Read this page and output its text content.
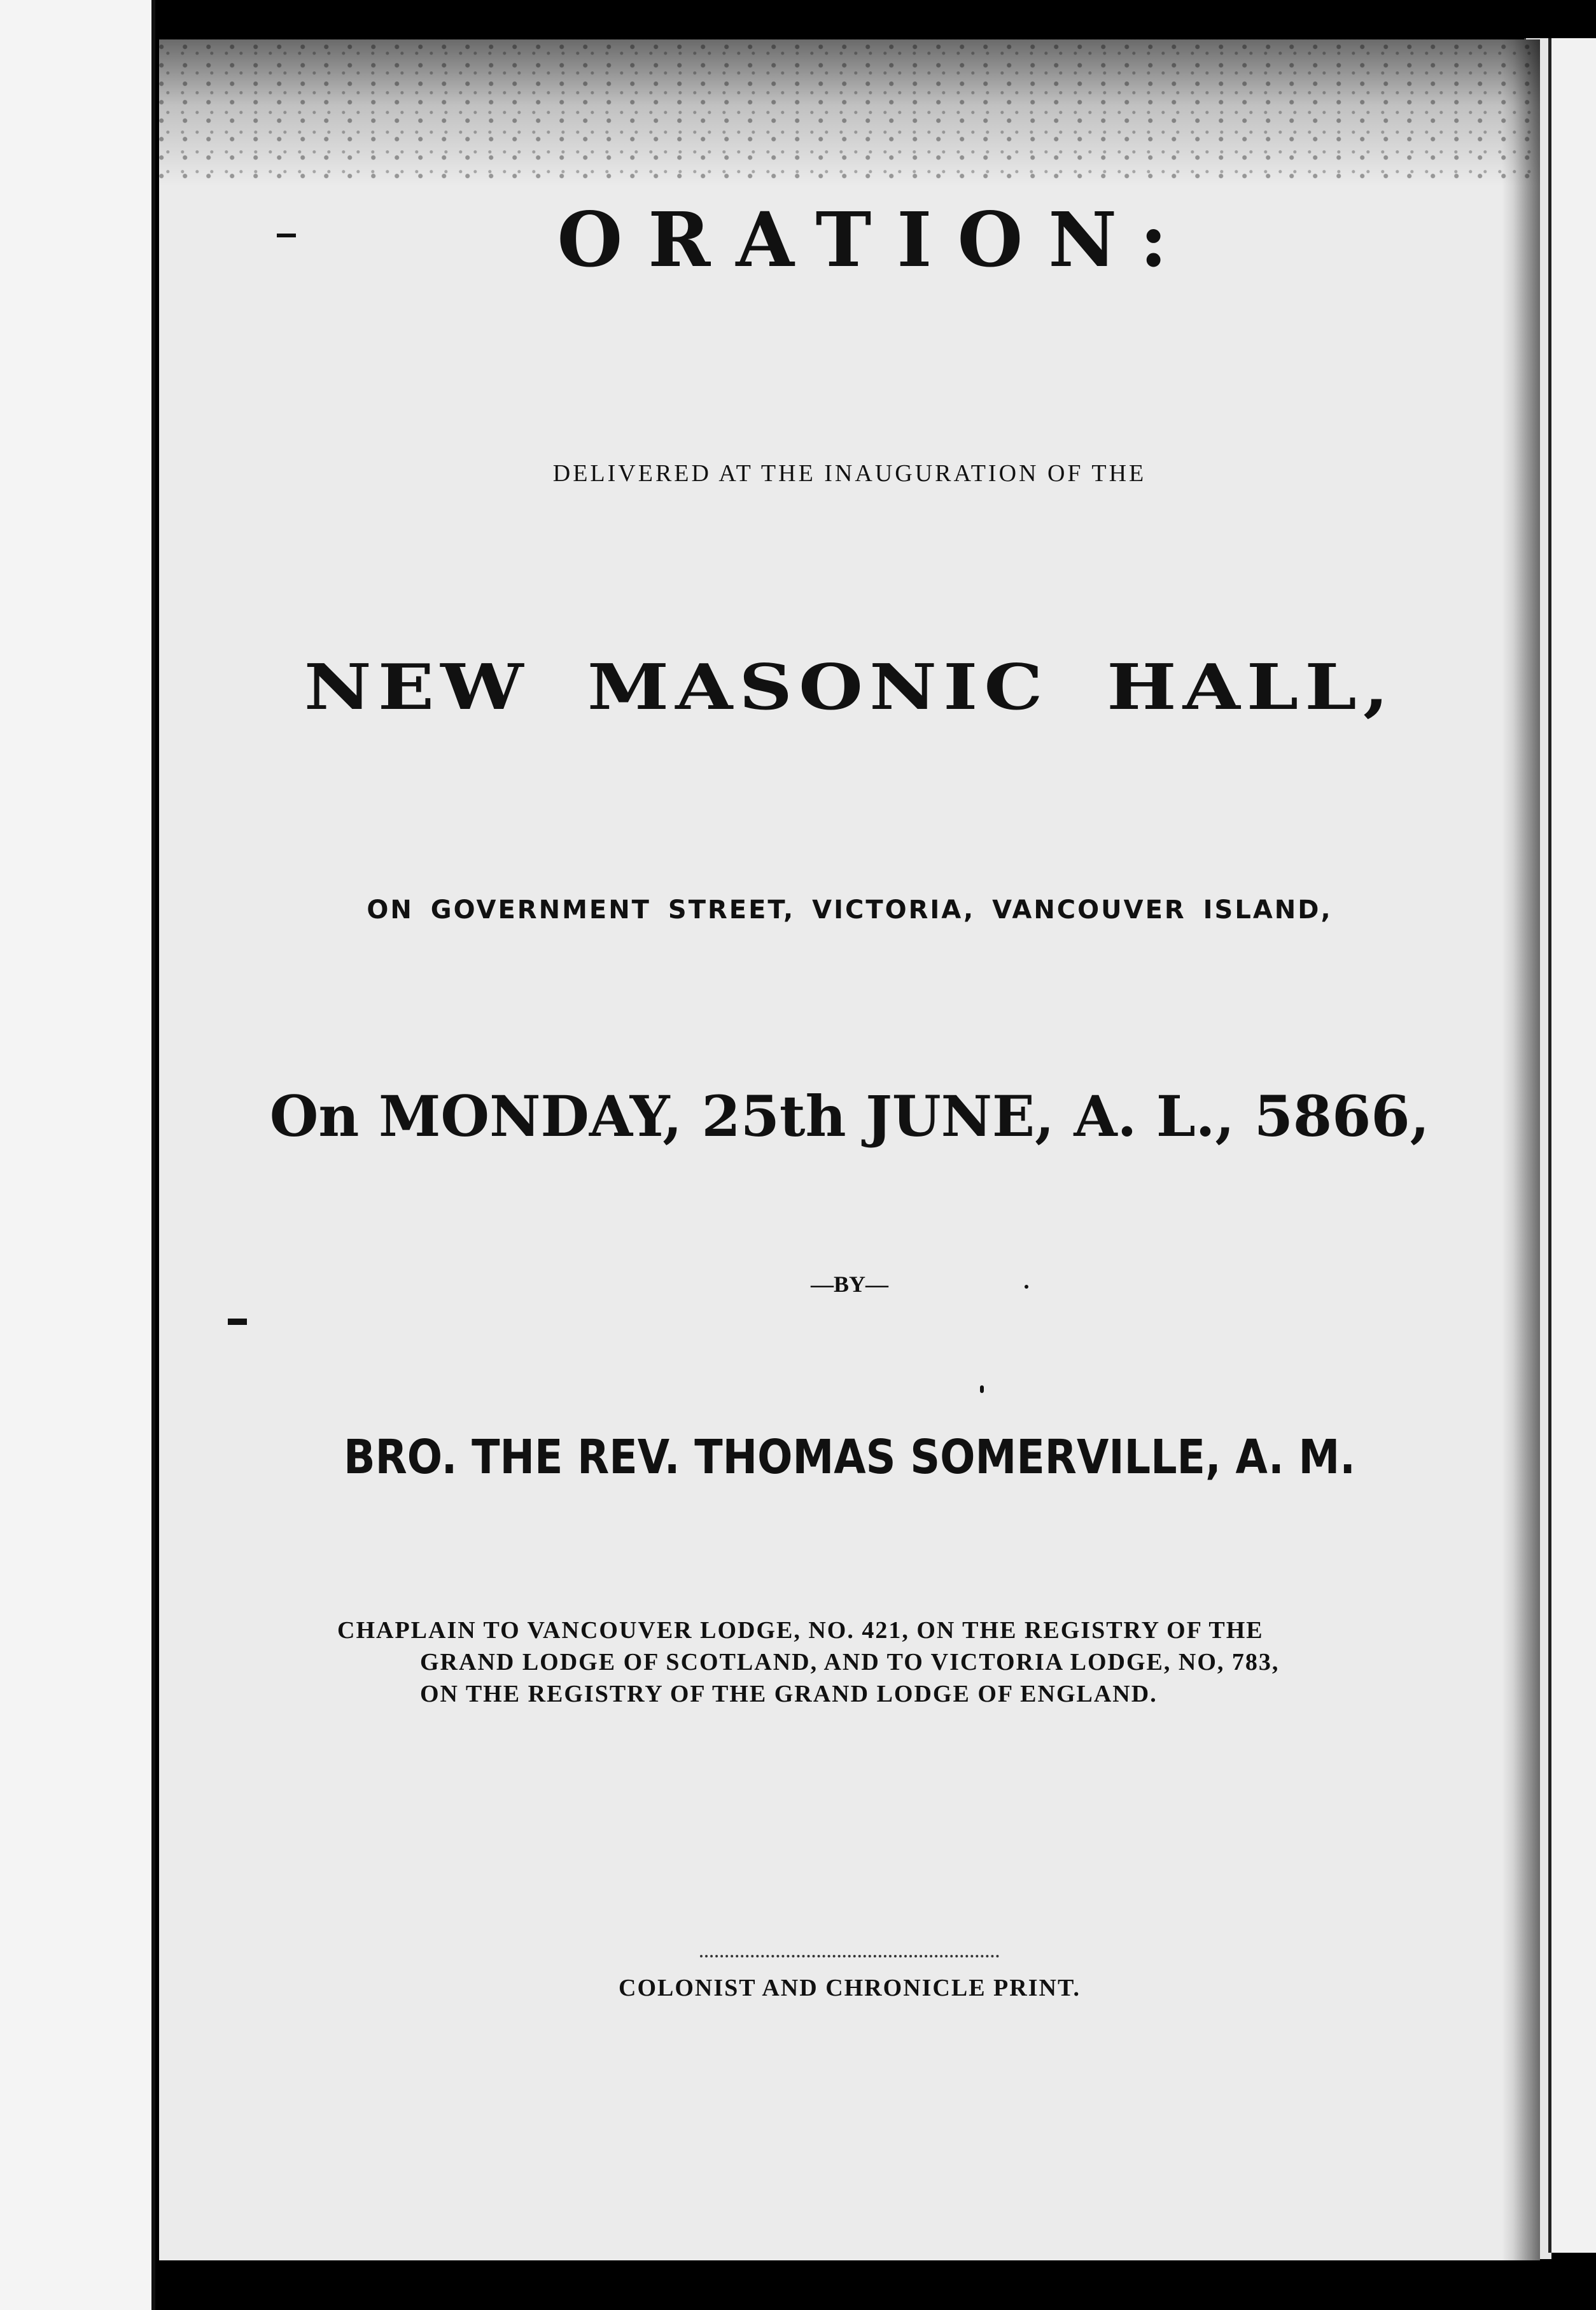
ORATION:

DELIVERED AT THE INAUGURATION OF THE

NEW MASONIC HALL,

ON GOVERNMENT STREET, VICTORIA, VANCOUVER ISLAND,

On MONDAY, 25th JUNE, A. L., 5866,

—BY—

BRO. THE REV. THOMAS SOMERVILLE, A. M.

CHAPLAIN TO VANCOUVER LODGE, NO. 421, ON THE REGISTRY OF THE
GRAND LODGE OF SCOTLAND, AND TO VICTORIA LODGE, NO, 783,
ON THE REGISTRY OF THE GRAND LODGE OF ENGLAND.

COLONIST AND CHRONICLE PRINT.
